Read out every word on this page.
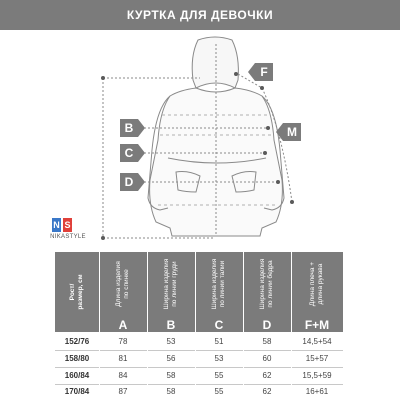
КУРТКА ДЛЯ ДЕВОЧКИ
B
C
D
F
M
N S
NIKASTYLE
Рост/
размер, см
Длина изделия
по спинке
Ширина изделия
по линии груди
Ширина изделия
по линии талии
Ширина изделия
по линии бедра
Длина плеча +
длина рукава
A	B	C	D	F+M
152/76	78	53	51	58	14,5+54
158/80	81	56	53	60	15+57
160/84	84	58	55	62	15,5+59
170/84	87	58	55	62	16+61
